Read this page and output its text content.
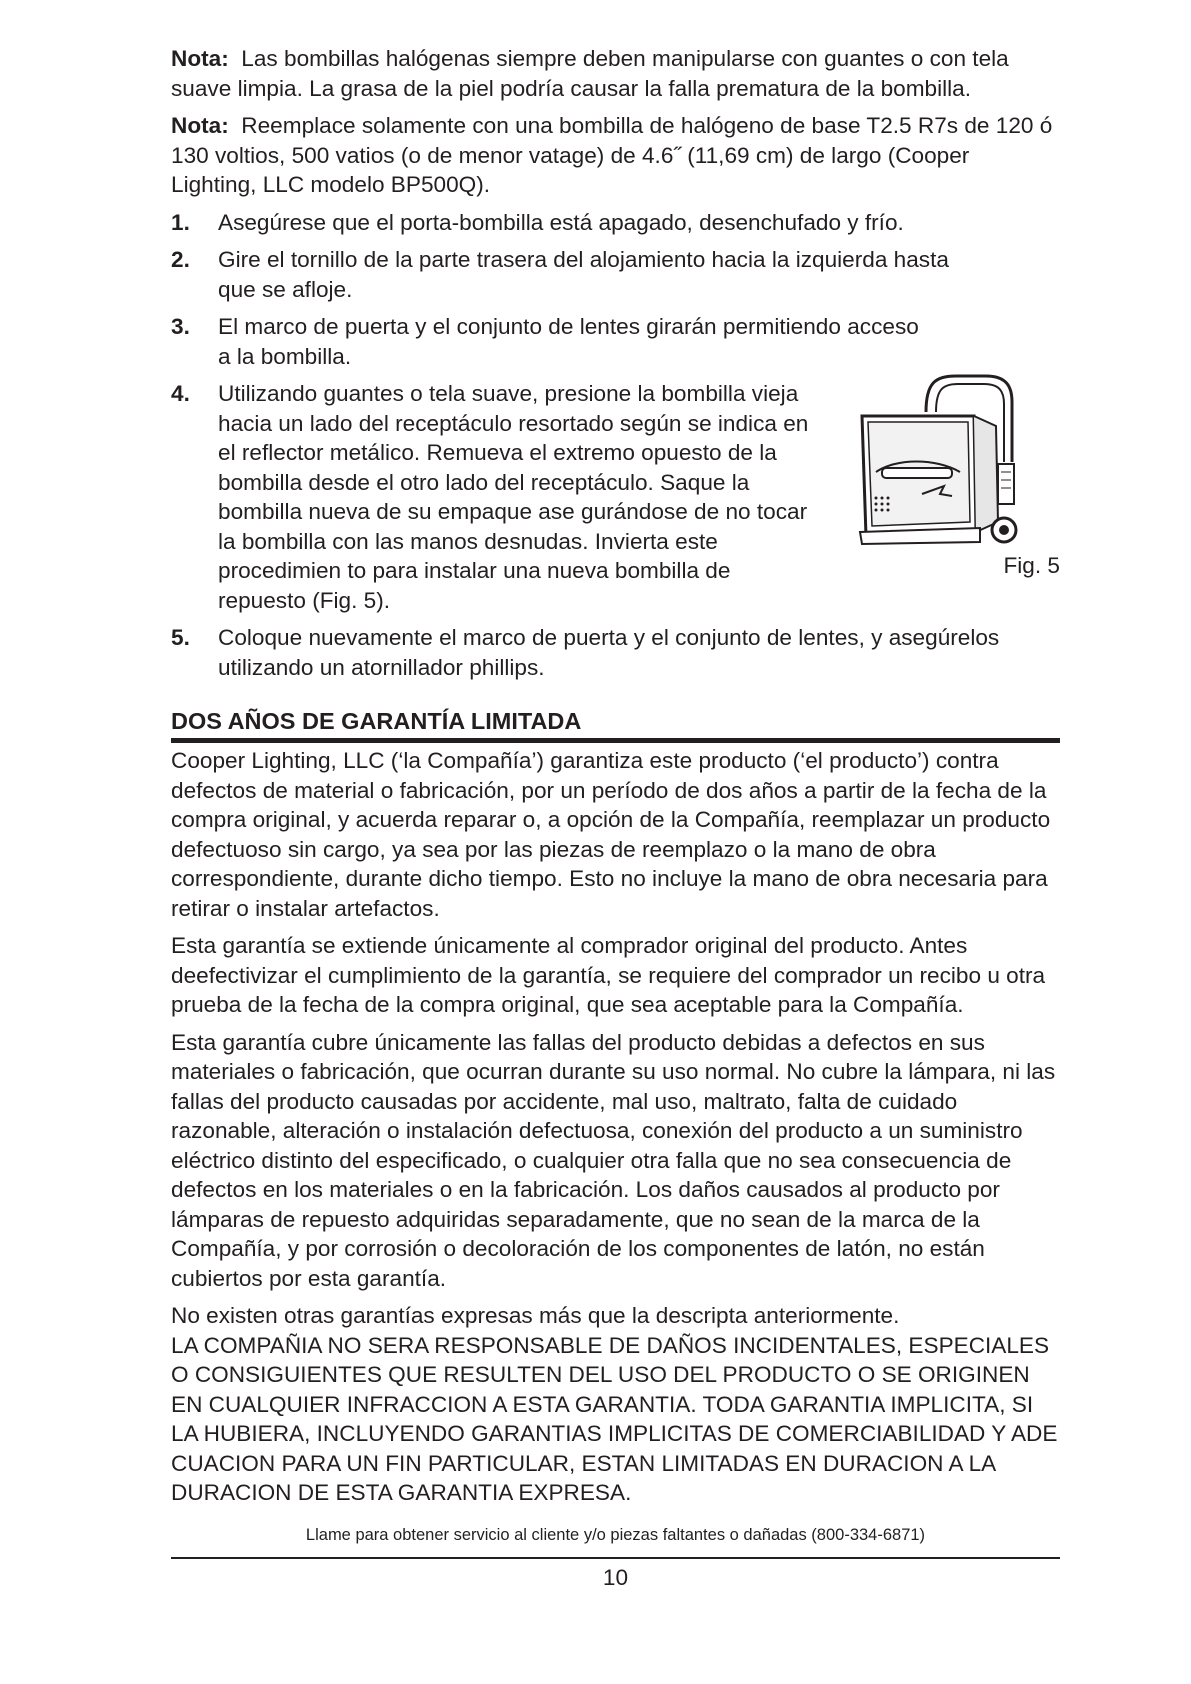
Nota: Las bombillas halógenas siempre deben manipularse con guantes o con tela suave limpia. La grasa de la piel podría causar la falla prematura de la bombilla.

Nota: Reemplace solamente con una bombilla de halógeno de base T2.5 R7s de 120 ó 130 voltios, 500 vatios (o de menor vatage) de 4.6˝ (11,69 cm) de largo (Cooper Lighting, LLC modelo BP500Q).

1.	Asegúrese que el porta-bombilla está apagado, desenchufado y frío.
2.	Gire el tornillo de la parte trasera del alojamiento hacia la izquierda hasta que se afloje.
3.	El marco de puerta y el conjunto de lentes girarán permitiendo acceso a la bombilla.
4.	Utilizando guantes o tela suave, presione la bombilla vieja hacia un lado del receptáculo resortado según se indica en el reflector metálico. Remueva el extremo opuesto de la bombilla desde el otro lado del receptáculo. Saque la bombilla nueva de su empaque ase gurándose de no tocar la bombilla con las manos desnudas. Invierta este procedimien to para instalar una nueva bombilla de repuesto (Fig. 5).
Fig. 5
5.	Coloque nuevamente el marco de puerta y el conjunto de lentes, y asegúrelos utilizando un atornillador phillips.
DOS AÑOS DE GARANTÍA LIMITADA

Cooper Lighting, LLC (‘la Compañía’) garantiza este producto (‘el producto’) contra defectos de material o fabricación, por un período de dos años a partir de la fecha de la compra original, y acuerda reparar o, a opción de la Compañía, reemplazar un producto defectuoso sin cargo, ya sea por las piezas de reemplazo o la mano de obra correspondiente, durante dicho tiempo. Esto no incluye la mano de obra necesaria para retirar o instalar artefactos.

Esta garantía se extiende únicamente al comprador original del producto. Antes deefectivizar el cumplimiento de la garantía, se requiere del comprador un recibo u otra prueba de la fecha de la compra original, que sea aceptable para la Compañía.

Esta garantía cubre únicamente las fallas del producto debidas a defectos en sus materiales o fabricación, que ocurran durante su uso normal. No cubre la lámpara, ni las fallas del producto causadas por accidente, mal uso, maltrato, falta de cuidado razonable, alteración o instalación defectuosa, conexión del producto a un suministro eléctrico distinto del especificado, o cualquier otra falla que no sea consecuencia de defectos en los materiales o en la fabricación. Los daños causados al producto por lámparas de repuesto adquiridas separadamente, que no sean de la marca de la Compañía, y por corrosión o decoloración de los componentes de latón, no están cubiertos por esta garantía.

No existen otras garantías expresas más que la descripta anteriormente.
LA COMPAÑIA NO SERA RESPONSABLE DE DAÑOS INCIDENTALES, ESPECIALES O CONSIGUIENTES QUE RESULTEN DEL USO DEL PRODUCTO O SE ORIGINEN EN CUALQUIER INFRACCION A ESTA GARANTIA. TODA GARANTIA IMPLICITA, SI LA HUBIERA, INCLUYENDO GARANTIAS IMPLICITAS DE COMERCIABILIDAD Y ADE CUACION PARA UN FIN PARTICULAR, ESTAN LIMITADAS EN DURACION A LA DURACION DE ESTA GARANTIA EXPRESA.

Llame para obtener servicio al cliente y/o piezas faltantes o dañadas (800-334-6871)
10
